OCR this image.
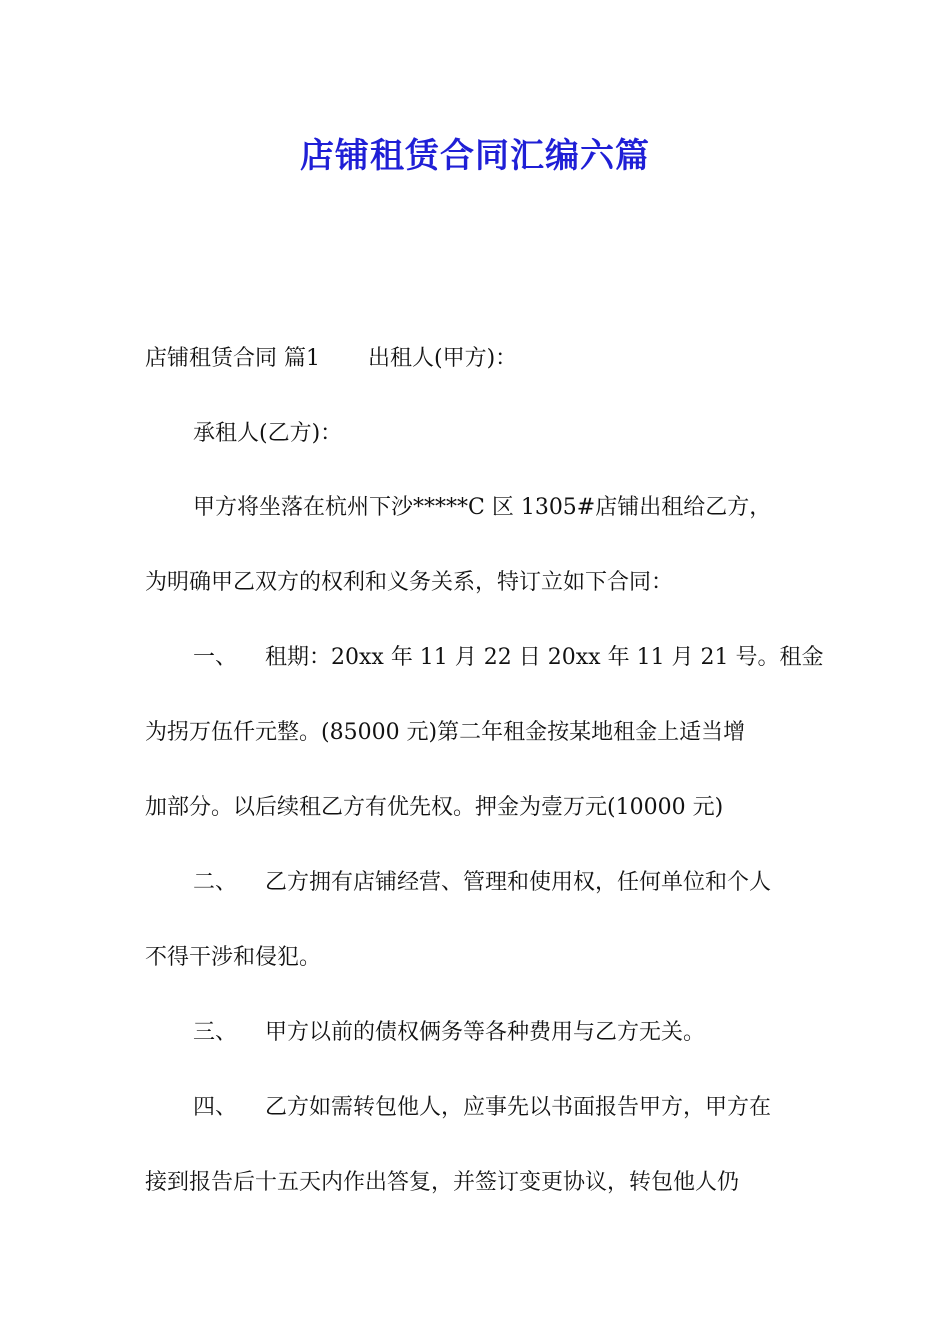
店铺租赁合同汇编六篇
店铺租赁合同 篇1 出租人(甲方)：
承租人(乙方)：
甲方将坐落在杭州下沙*****C 区 1305#店铺出租给乙方，
为明确甲乙双方的权利和义务关系，特订立如下合同：
一、 租期：20xx 年 11 月 22 日 20xx 年 11 月 21 号。租金
为拐万伍仟元整。(85000 元)第二年租金按某地租金上适当增
加部分。以后续租乙方有优先权。押金为壹万元(10000 元)
二、 乙方拥有店铺经营、管理和使用权，任何单位和个人
不得干涉和侵犯。
三、 甲方以前的债权俩务等各种费用与乙方无关。
四、 乙方如需转包他人，应事先以书面报告甲方，甲方在
接到报告后十五天内作出答复，并签订变更协议，转包他人仍
